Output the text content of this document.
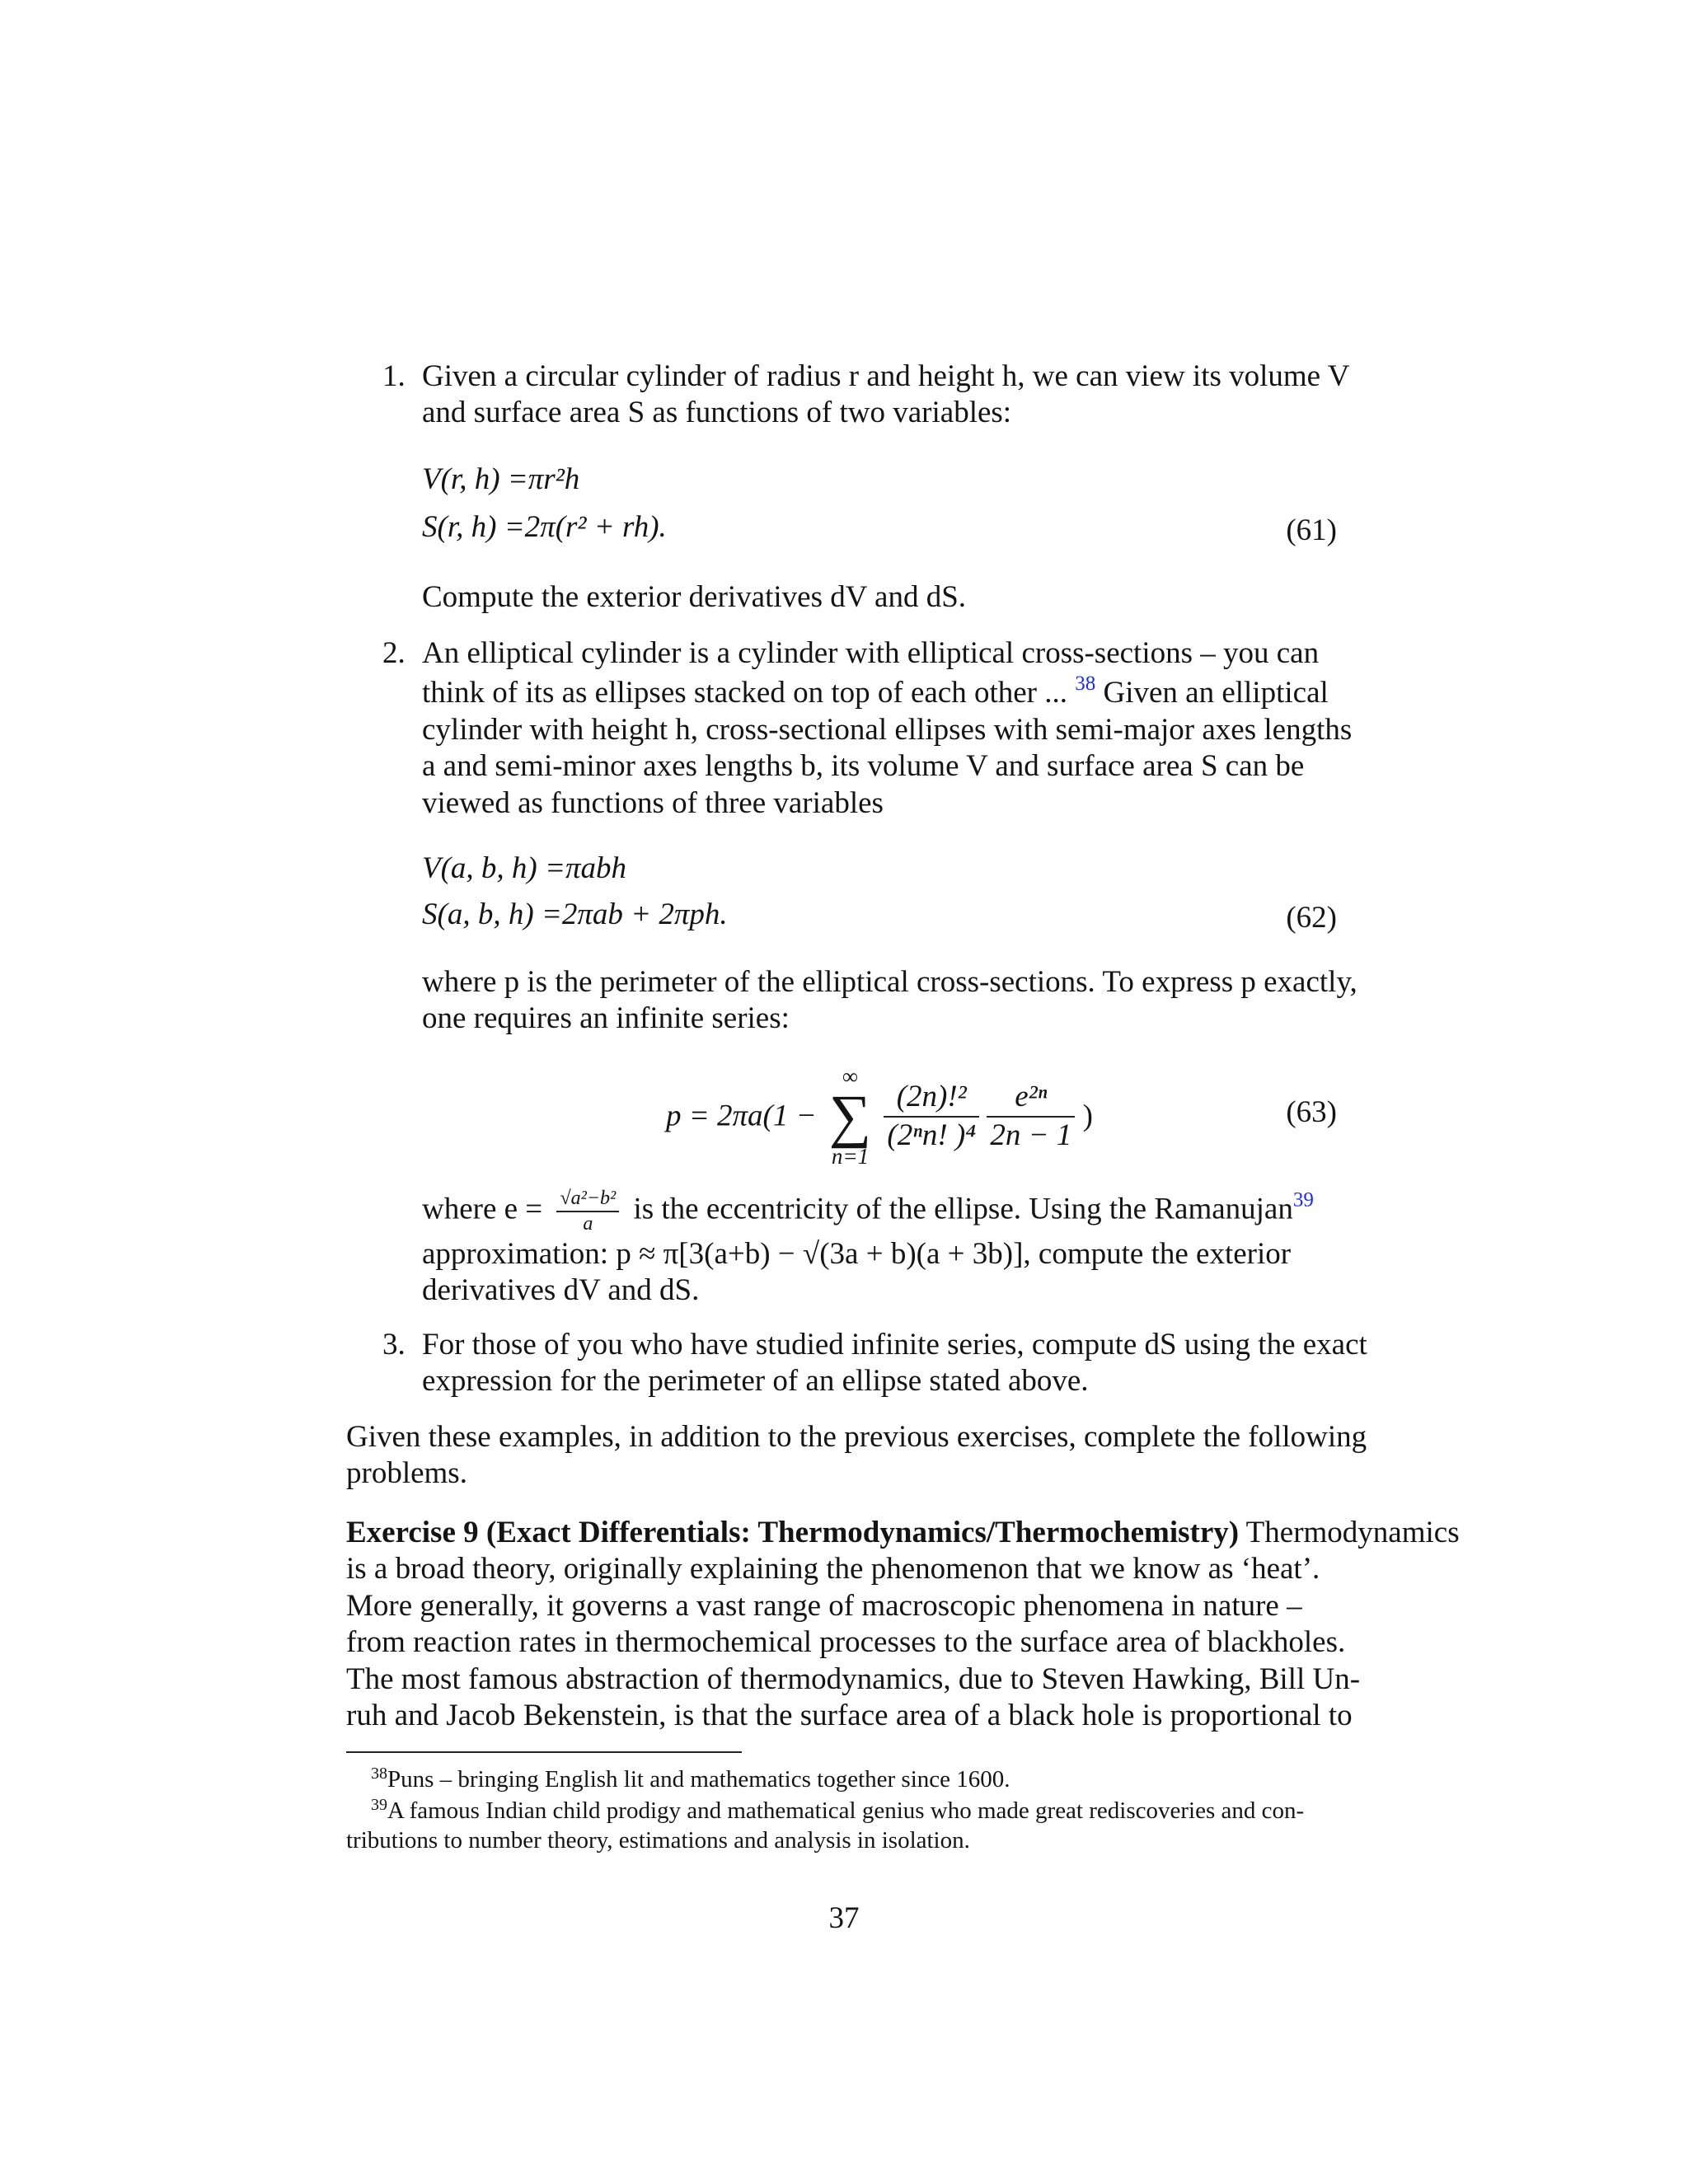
1. Given a circular cylinder of radius r and height h, we can view its volume V
and surface area S as functions of two variables:
V(r, h) =πr²h
S(r, h) =2π(r² + rh).	(61)
Compute the exterior derivatives dV and dS.
2. An elliptical cylinder is a cylinder with elliptical cross-sections – you can
think of its as ellipses stacked on top of each other ... $^{38}$ Given an elliptical
cylinder with height h, cross-sectional ellipses with semi-major axes lengths
a and semi-minor axes lengths b, its volume V and surface area S can be
viewed as functions of three variables
V(a, b, h) =πabh
S(a, b, h) =2πab + 2πph.	(62)
where p is the perimeter of the elliptical cross-sections. To express p exactly,
one requires an infinite series:
p = 2πa(1 −
∞
∑
n=1

$\frac{\text{(2n)!²}}{\text{(2ⁿn! )⁴}}$
$\frac{\text{e²ⁿ}}{2n - 1}$ )	(63)
where $e = \frac{\text{√a²−b²}}{a}$ is the eccentricity of the ellipse. Using the Ramanujan$^{39}$
approximation: p ≈ π[3(a+b) − √(3a + b)(a + 3b)], compute the exterior
derivatives dV and dS.
3. For those of you who have studied infinite series, compute dS using the exact
expression for the perimeter of an ellipse stated above.
Given these examples, in addition to the previous exercises, complete the following
problems.
Exercise 9 (Exact Differentials: Thermodynamics/Thermochemistry) Thermodynamics
is a broad theory, originally explaining the phenomenon that we know as ‘heat’.
More generally, it governs a vast range of macroscopic phenomena in nature –
from reaction rates in thermochemical processes to the surface area of blackholes.
The most famous abstraction of thermodynamics, due to Steven Hawking, Bill Un-
ruh and Jacob Bekenstein, is that the surface area of a black hole is proportional to
$^{38}$Puns – bringing English lit and mathematics together since 1600.
$^{39}$A famous Indian child prodigy and mathematical genius who made great rediscoveries and con-
tributions to number theory, estimations and analysis in isolation.
37
